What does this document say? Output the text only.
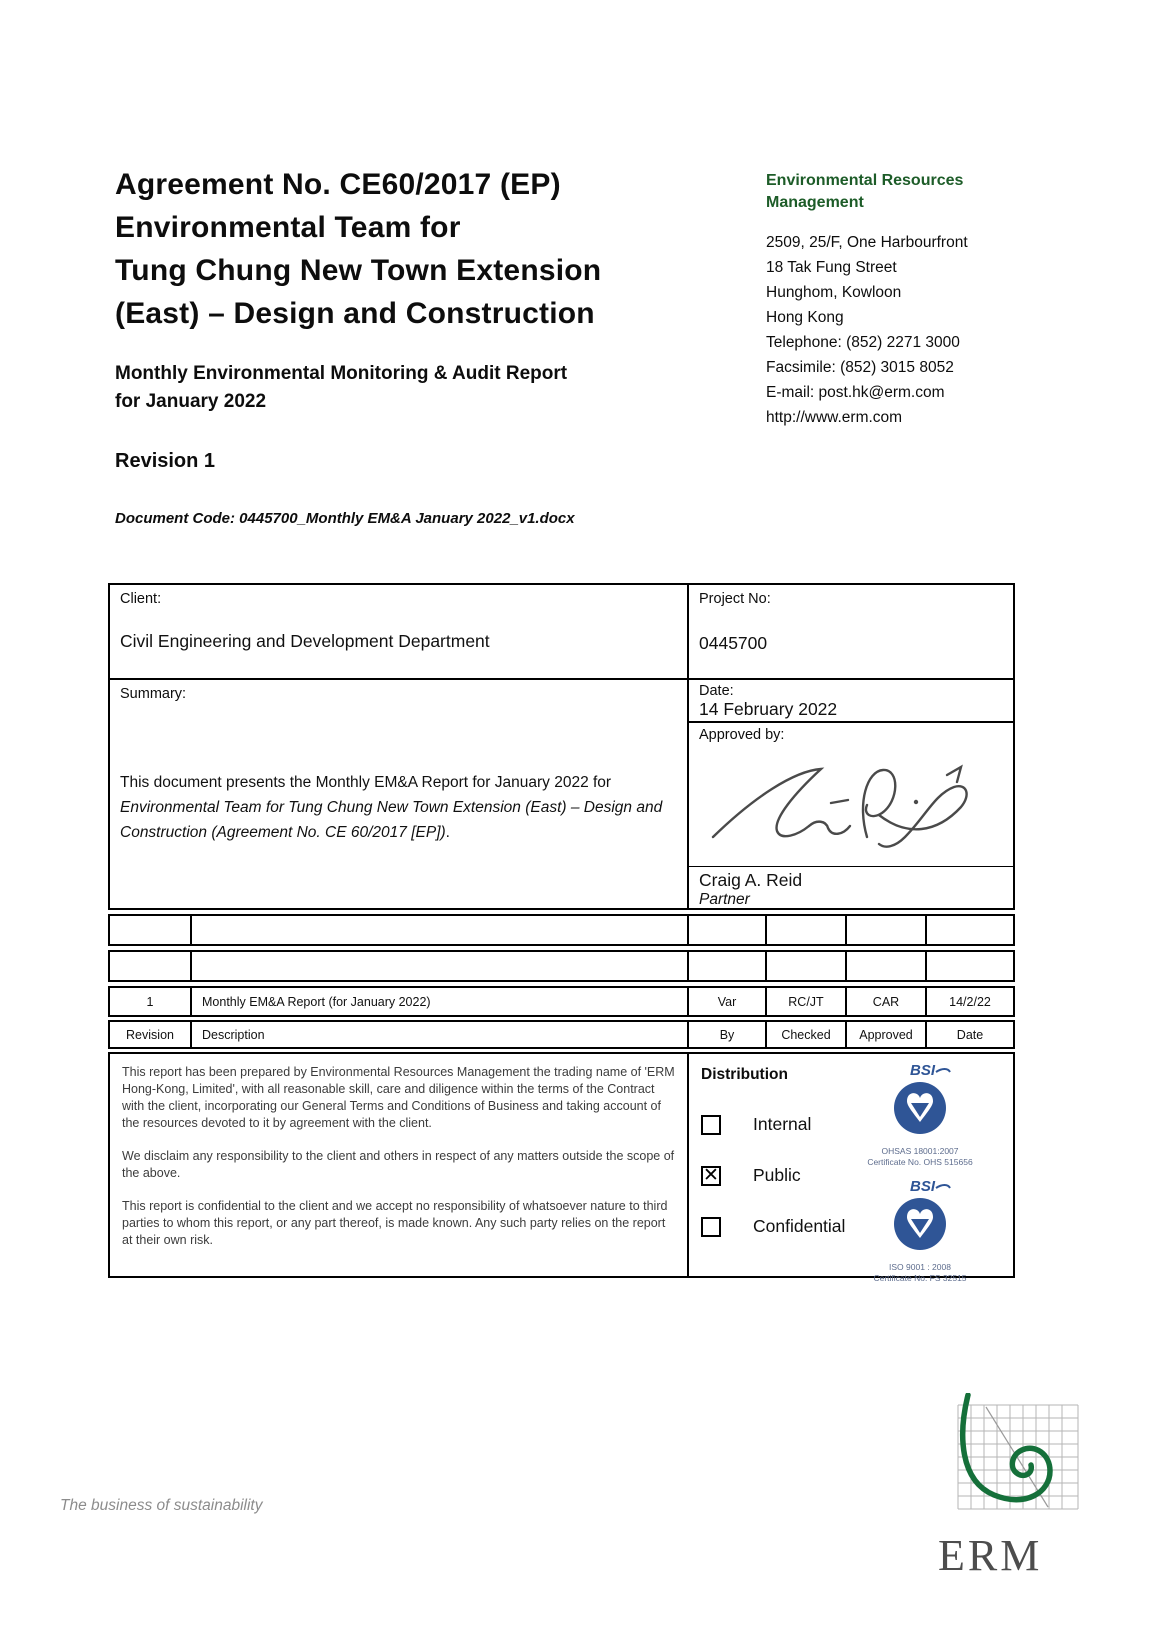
Agreement No. CE60/2017 (EP)
Environmental Team for
Tung Chung New Town Extension
(East) – Design and Construction
Monthly Environmental Monitoring & Audit Report
for January 2022
Revision 1
Document Code: 0445700_Monthly EM&A January 2022_v1.docx
Environmental Resources
Management
2509, 25/F, One Harbourfront
18 Tak Fung Street
Hunghom, Kowloon
Hong Kong
Telephone: (852) 2271 3000
Facsimile: (852) 3015 8052
E-mail: post.hk@erm.com
http://www.erm.com
Client:
Civil Engineering and Development Department
Project No:
0445700
Summary:

This document presents the Monthly EM&A Report for January 2022 for Environmental Team for Tung Chung New Town Extension (East) – Design and Construction (Agreement No. CE 60/2017 [EP]).

Date:
14 February 2022
Approved by:
Craig A. Reid
Partner
1	Monthly EM&A Report (for January 2022)	Var	RC/JT	CAR	14/2/22
Revision	Description	By	Checked	Approved	Date

This report has been prepared by Environmental Resources Management the trading name of 'ERM Hong-Kong, Limited', with all reasonable skill, care and diligence within the terms of the Contract with the client, incorporating our General Terms and Conditions of Business and taking account of the resources devoted to it by agreement with the client.

We disclaim any responsibility to the client and others in respect of any matters outside the scope of the above.

This report is confidential to the client and we accept no responsibility of whatsoever nature to third parties to whom this report, or any part thereof, is made known. Any such party relies on the report at their own risk.

Distribution
Internal
✕ Public
Confidential
BSI
OHSAS 18001:2007
Certificate No. OHS 515656
BSI
ISO 9001 : 2008
Certificate No. FS 32515
The business of sustainability
ERM
